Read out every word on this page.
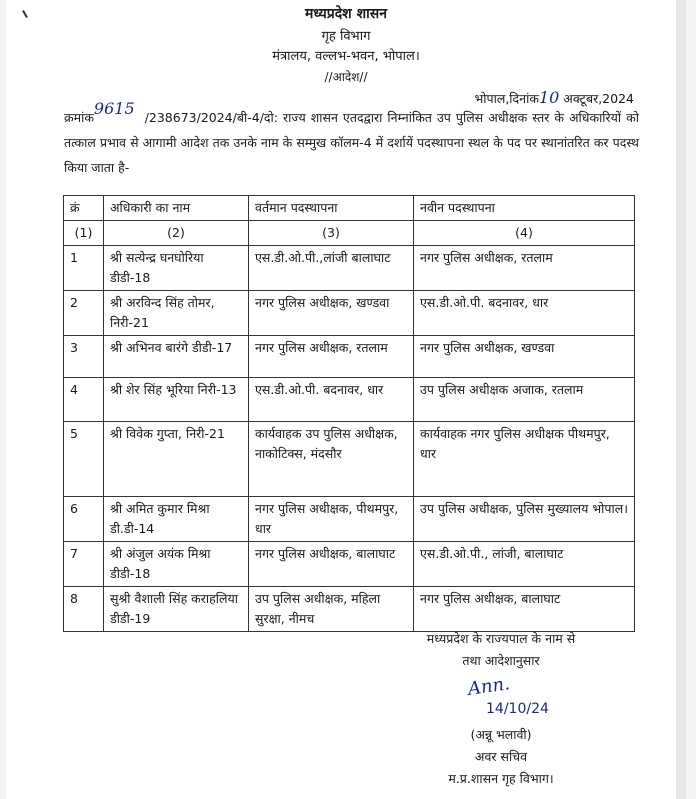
मध्यप्रदेश शासन
गृह विभाग
मंत्रालय, वल्लभ-भवन, भोपाल।
//आदेश//
भोपाल,दिनांक10 अक्टूबर,2024
क्रमांक9615 /238673/2024/बी-4/दो: राज्य शासन एतदद्वारा निम्नांकित उप पुलिस अधीक्षक स्तर के अधिकारियों को तत्काल प्रभाव से आगामी आदेश तक उनके नाम के सम्मुख कॉलम-4 में दर्शायें पदस्थापना स्थल के पद पर स्थानांतरित कर पदस्थ किया जाता है-
क्रं	अधिकारी का नाम	वर्तमान पदस्थापना	नवीन पदस्थापना
(1)	(2)	(3)	(4)
1	श्री सत्येन्द्र घनघोरिया डीडी-18	एस.डी.ओ.पी.,लांजी बालाघाट	नगर पुलिस अधीक्षक, रतलाम
2	श्री अरविन्द सिंह तोमर, निरी-21	नगर पुलिस अधीक्षक, खण्डवा	एस.डी.ओ.पी. बदनावर, धार
3	श्री अभिनव बारंगे डीडी-17	नगर पुलिस अधीक्षक, रतलाम	नगर पुलिस अधीक्षक, खण्डवा
4	श्री शेर सिंह भूरिया निरी-13	एस.डी.ओ.पी. बदनावर, धार	उप पुलिस अधीक्षक अजाक, रतलाम
5	श्री विवेक गुप्ता, निरी-21	कार्यवाहक उप पुलिस अधीक्षक, नाकोटिक्स, मंदसौर	कार्यवाहक नगर पुलिस अधीक्षक पीथमपुर, धार
6	श्री अमित कुमार मिश्रा डी.डी-14	नगर पुलिस अधीक्षक, पीथमपुर, धार	उप पुलिस अधीक्षक, पुलिस मुख्यालय भोपाल।
7	श्री अंजुल अयंक मिश्रा डीडी-18	नगर पुलिस अधीक्षक, बालाघाट	एस.डी.ओ.पी., लांजी, बालाघाट
8	सुश्री वैशाली सिंह कराहलिया डीडी-19	उप पुलिस अधीक्षक, महिला सुरक्षा, नीमच	नगर पुलिस अधीक्षक, बालाघाट
मध्यप्रदेश के राज्यपाल के नाम से
तथा आदेशानुसार
Ann.
14/10/24
(अन्नू भलावी)
अवर सचिव
म.प्र.शासन गृह विभाग।
